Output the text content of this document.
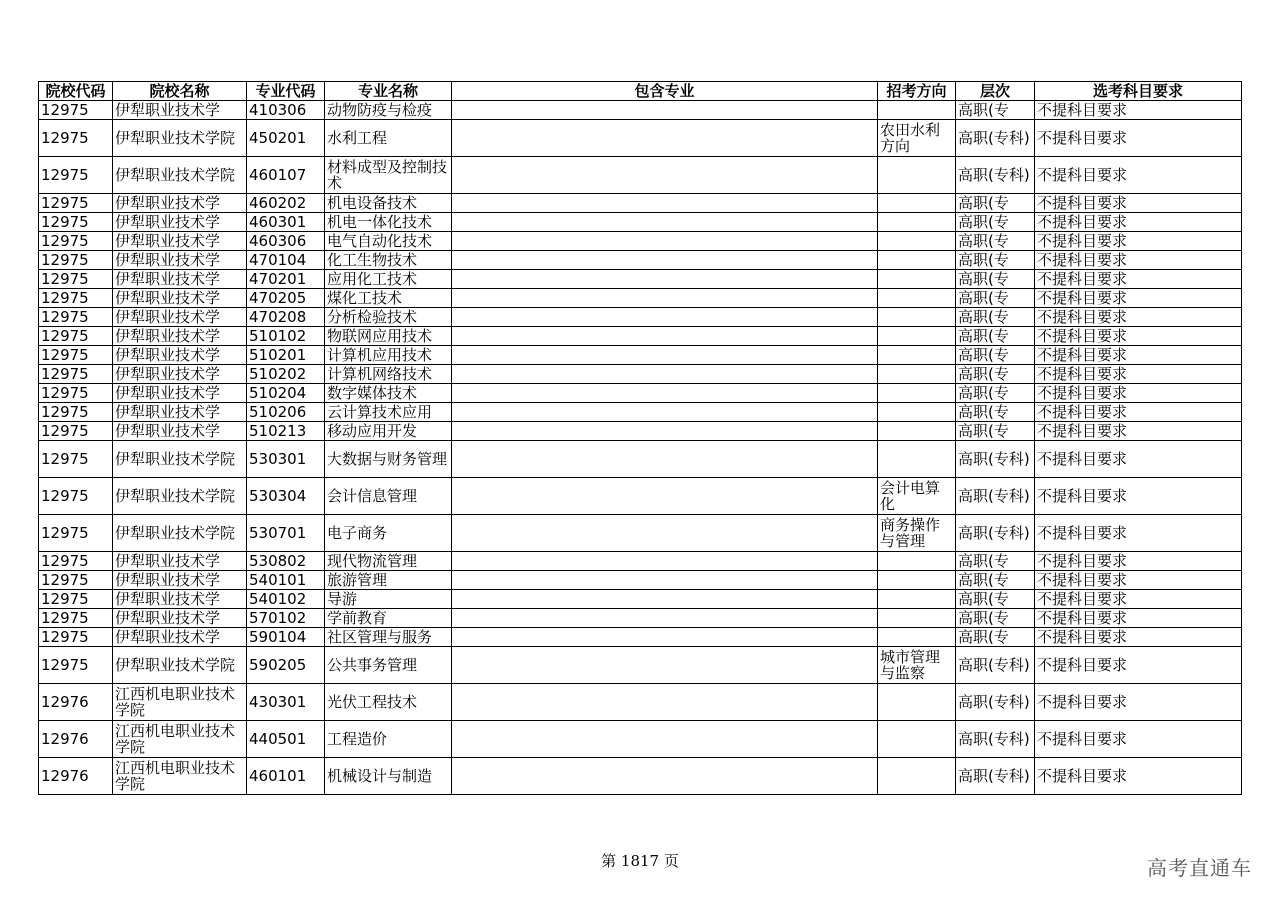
院校代码	院校名称	专业代码	专业名称	包含专业	招考方向	层次	选考科目要求
12975	伊犁职业技术学	410306	动物防疫与检疫			高职(专	不提科目要求
12975	伊犁职业技术学院	450201	水利工程		农田水利方向	高职(专科)	不提科目要求
12975	伊犁职业技术学院	460107	材料成型及控制技术			高职(专科)	不提科目要求
12975	伊犁职业技术学	460202	机电设备技术			高职(专	不提科目要求
12975	伊犁职业技术学	460301	机电一体化技术			高职(专	不提科目要求
12975	伊犁职业技术学	460306	电气自动化技术			高职(专	不提科目要求
12975	伊犁职业技术学	470104	化工生物技术			高职(专	不提科目要求
12975	伊犁职业技术学	470201	应用化工技术			高职(专	不提科目要求
12975	伊犁职业技术学	470205	煤化工技术			高职(专	不提科目要求
12975	伊犁职业技术学	470208	分析检验技术			高职(专	不提科目要求
12975	伊犁职业技术学	510102	物联网应用技术			高职(专	不提科目要求
12975	伊犁职业技术学	510201	计算机应用技术			高职(专	不提科目要求
12975	伊犁职业技术学	510202	计算机网络技术			高职(专	不提科目要求
12975	伊犁职业技术学	510204	数字媒体技术			高职(专	不提科目要求
12975	伊犁职业技术学	510206	云计算技术应用			高职(专	不提科目要求
12975	伊犁职业技术学	510213	移动应用开发			高职(专	不提科目要求
12975	伊犁职业技术学院	530301	大数据与财务管理			高职(专科)	不提科目要求
12975	伊犁职业技术学院	530304	会计信息管理		会计电算化	高职(专科)	不提科目要求
12975	伊犁职业技术学院	530701	电子商务		商务操作与管理	高职(专科)	不提科目要求
12975	伊犁职业技术学	530802	现代物流管理			高职(专	不提科目要求
12975	伊犁职业技术学	540101	旅游管理			高职(专	不提科目要求
12975	伊犁职业技术学	540102	导游			高职(专	不提科目要求
12975	伊犁职业技术学	570102	学前教育			高职(专	不提科目要求
12975	伊犁职业技术学	590104	社区管理与服务			高职(专	不提科目要求
12975	伊犁职业技术学院	590205	公共事务管理		城市管理与监察	高职(专科)	不提科目要求
12976	江西机电职业技术学院	430301	光伏工程技术			高职(专科)	不提科目要求
12976	江西机电职业技术学院	440501	工程造价			高职(专科)	不提科目要求
12976	江西机电职业技术学院	460101	机械设计与制造			高职(专科)	不提科目要求
第 1817 页	高考直通车
